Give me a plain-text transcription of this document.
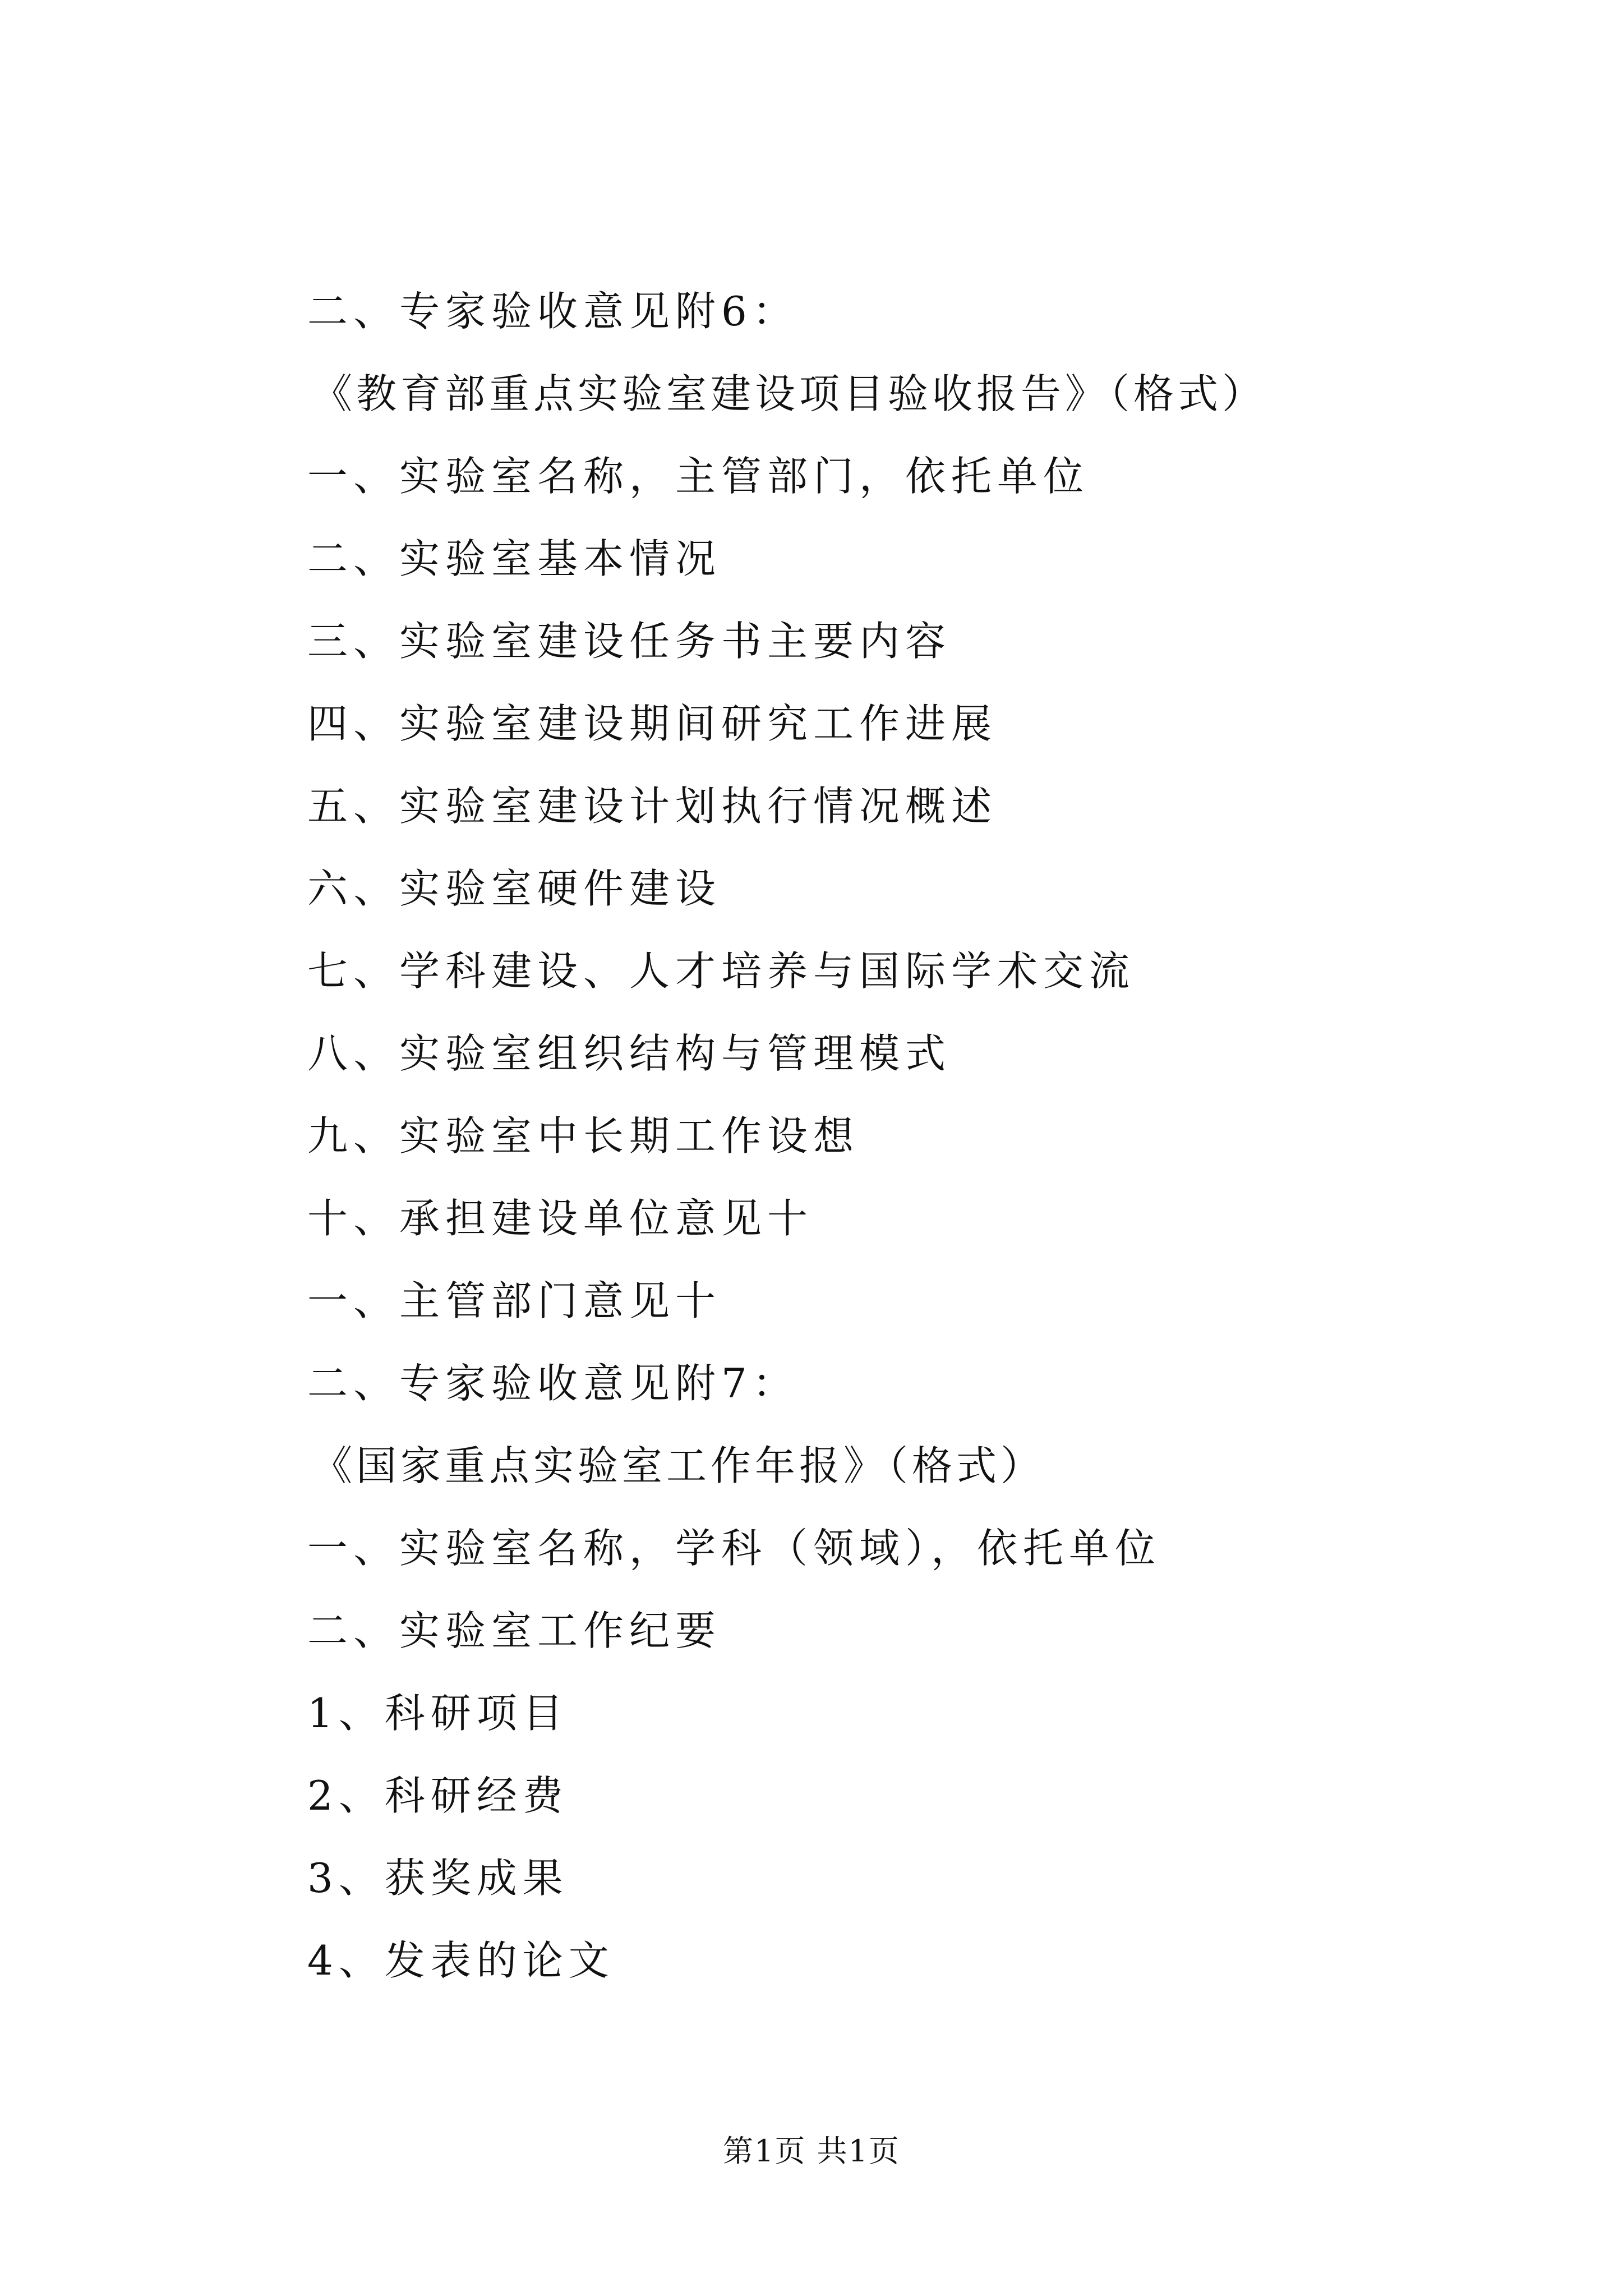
二、专家验收意见附6：
《教育部重点实验室建设项目验收报告》（格式）
一、实验室名称，主管部门，依托单位
二、实验室基本情况
三、实验室建设任务书主要内容
四、实验室建设期间研究工作进展
五、实验室建设计划执行情况概述
六、实验室硬件建设
七、学科建设、人才培养与国际学术交流
八、实验室组织结构与管理模式
九、实验室中长期工作设想
十、承担建设单位意见十
一、主管部门意见十
二、专家验收意见附7：
《国家重点实验室工作年报》（格式）
一、实验室名称，学科（领域），依托单位
二、实验室工作纪要
1、科研项目
2、科研经费
3、获奖成果
4、发表的论文
第1页 共1页
